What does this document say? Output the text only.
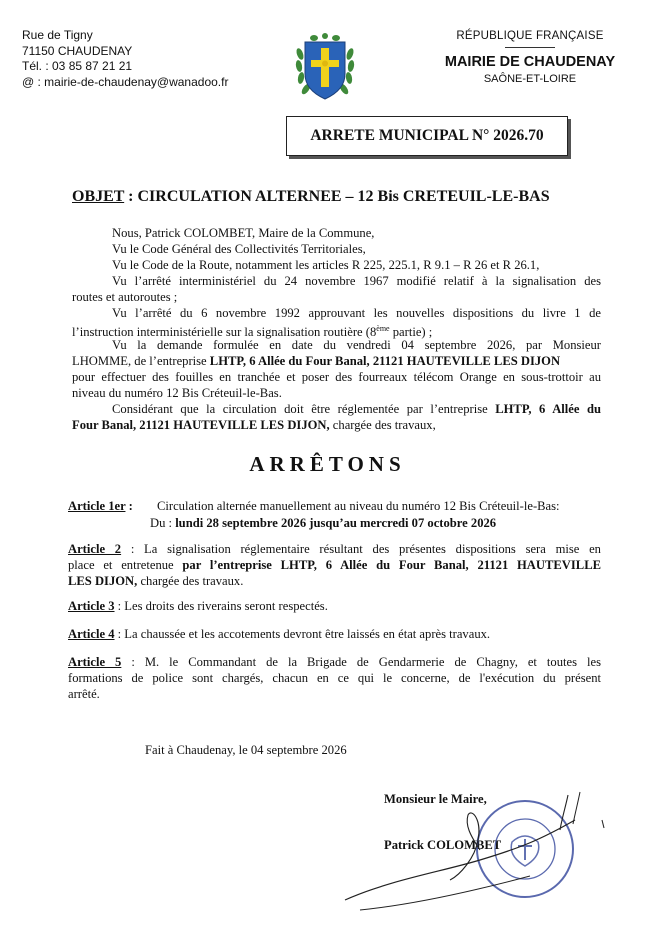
Rue de Tigny
71150 CHAUDENAY
Tél. : 03 85 87 21 21
@ : mairie-de-chaudenay@wanadoo.fr
RÉPUBLIQUE FRANÇAISE
MAIRIE DE CHAUDENAY
SAÔNE-ET-LOIRE
ARRETE MUNICIPAL N° 2026.70
OBJET : CIRCULATION ALTERNEE – 12 Bis CRETEUIL-LE-BAS
Nous, Patrick COLOMBET, Maire de la Commune,
Vu le Code Général des Collectivités Territoriales,
Vu le Code de la Route, notamment les articles R 225, 225.1, R 9.1 – R 26 et R 26.1,
Vu l’arrêté interministériel du 24 novembre 1967 modifié relatif à la signalisation des
routes et autoroutes ;
Vu l’arrêté du 6 novembre 1992 approuvant les nouvelles dispositions du livre 1 de
l’instruction interministérielle sur la signalisation routière (8ème partie) ;
Vu la demande formulée en date du vendredi 04 septembre 2026, par Monsieur
LHOMME, de l’entreprise LHTP, 6 Allée du Four Banal, 21121 HAUTEVILLE LES DIJON
pour effectuer des fouilles en tranchée et poser des fourreaux télécom Orange en sous-trottoir au
niveau du numéro 12 Bis Créteuil-le-Bas.
Considérant que la circulation doit être réglementée par l’entreprise LHTP, 6 Allée du
Four Banal, 21121 HAUTEVILLE LES DIJON, chargée des travaux,
ARRÊTONS
Article 1er : Circulation alternée manuellement au niveau du numéro 12 Bis Créteuil-le-Bas:
Du : lundi 28 septembre 2026 jusqu’au mercredi 07 octobre 2026
Article 2 : La signalisation réglementaire résultant des présentes dispositions sera mise en
place et entretenue par l’entreprise LHTP, 6 Allée du Four Banal, 21121 HAUTEVILLE
LES DIJON, chargée des travaux.
Article 3 : Les droits des riverains seront respectés.
Article 4 : La chaussée et les accotements devront être laissés en état après travaux.
Article 5 : M. le Commandant de la Brigade de Gendarmerie de Chagny, et toutes les
formations de police sont chargés, chacun en ce qui le concerne, de l'exécution du présent
arrêté.
Fait à Chaudenay, le 04 septembre 2026
Monsieur le Maire,
Patrick COLOMBET
